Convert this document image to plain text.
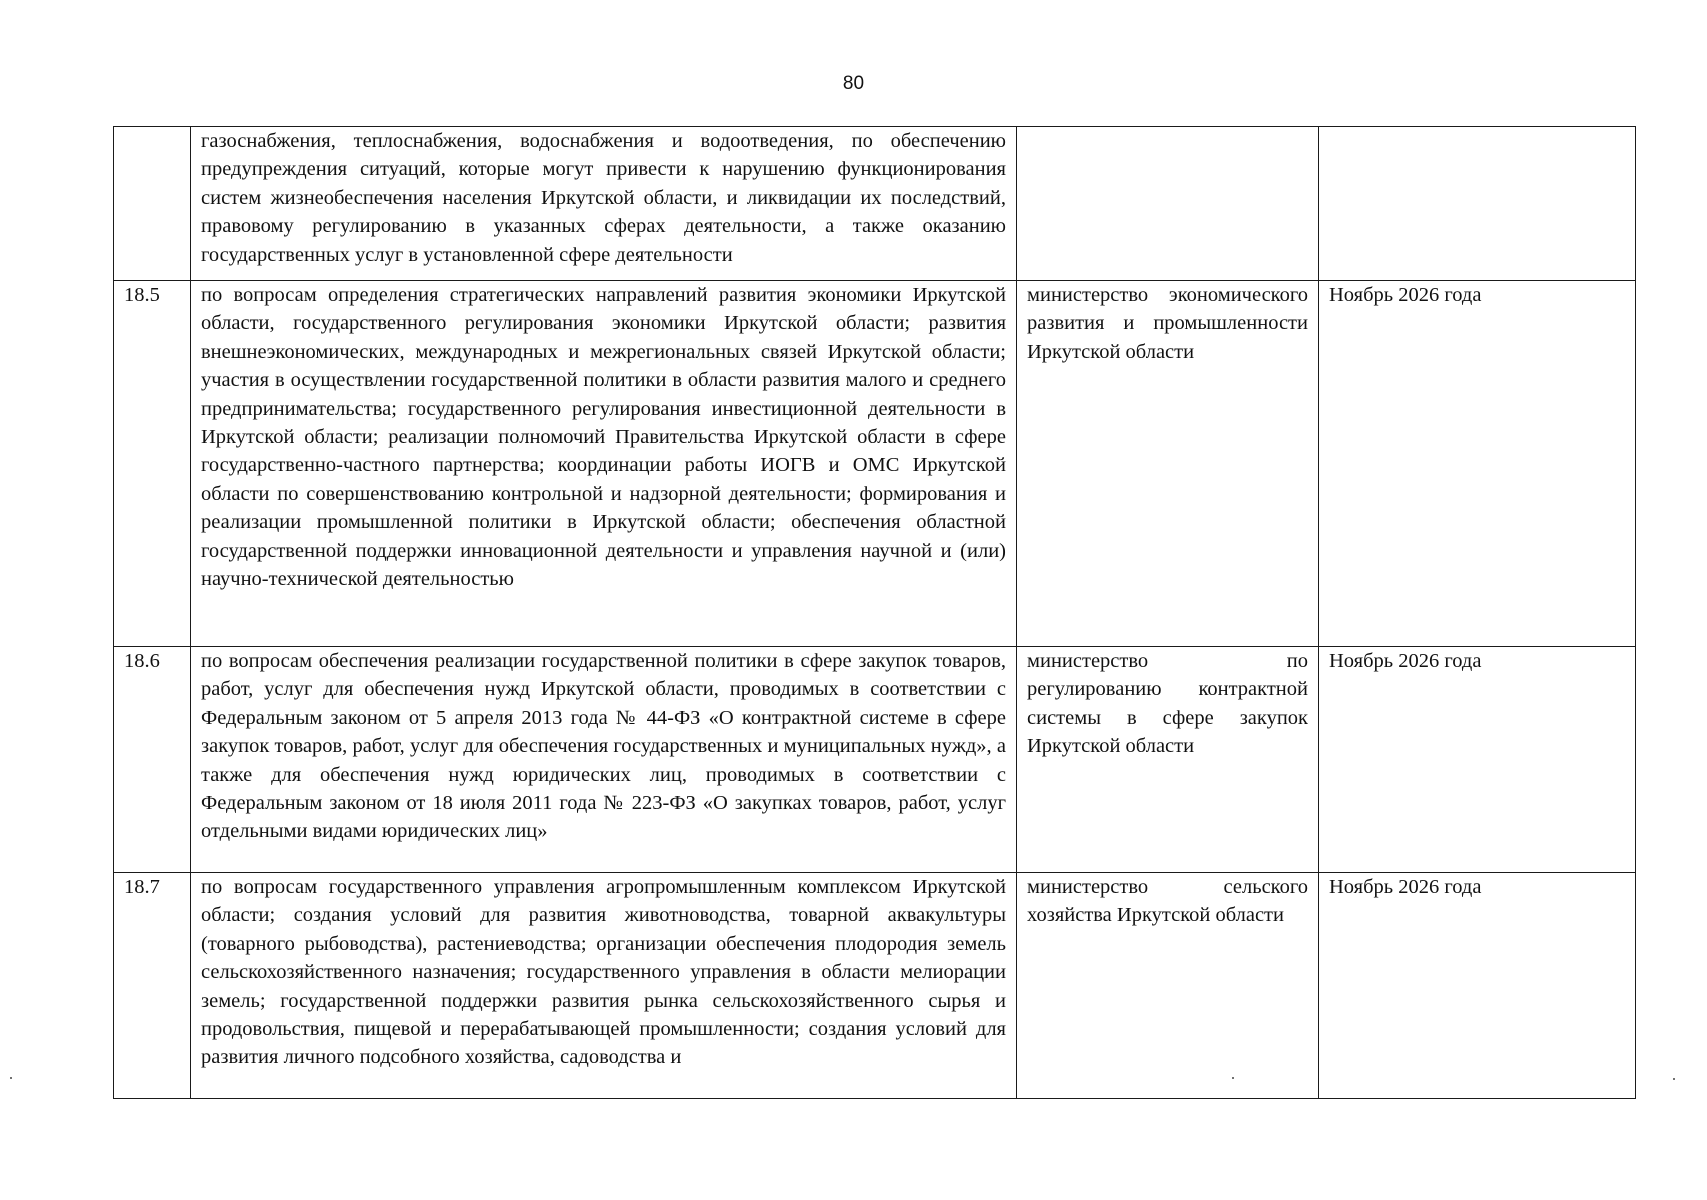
80
	газоснабжения, теплоснабжения, водоснабжения и водоотведения, по обеспечению предупреждения ситуаций, которые могут привести к нарушению функционирования систем жизнеобеспечения населения Иркутской области, и ликвидации их последствий, правовому регулированию в указанных сферах деятельности, а также оказанию государственных услуг в установленной сфере деятельности		
18.5	по вопросам определения стратегических направлений развития экономики Иркутской области, государственного регулирования экономики Иркутской области; развития внешнеэкономических, международных и межрегиональных связей Иркутской области; участия в осуществлении государственной политики в области развития малого и среднего предпринимательства; государственного регулирования инвестиционной деятельности в Иркутской области; реализации полномочий Правительства Иркутской области в сфере государственно-частного партнерства; координации работы ИОГВ и ОМС Иркутской области по совершенствованию контрольной и надзорной деятельности; формирования и реализации промышленной политики в Иркутской области; обеспечения областной государственной поддержки инновационной деятельности и управления научной и (или) научно-технической деятельностью	министерство экономического развития и промышленности Иркутской области	Ноябрь 2026 года
18.6	по вопросам обеспечения реализации государственной политики в сфере закупок товаров, работ, услуг для обеспечения нужд Иркутской области, проводимых в соответствии с Федеральным законом от 5 апреля 2013 года № 44-ФЗ «О контрактной системе в сфере закупок товаров, работ, услуг для обеспечения государственных и муниципальных нужд», а также для обеспечения нужд юридических лиц, проводимых в соответствии с Федеральным законом от 18 июля 2011 года № 223-ФЗ «О закупках товаров, работ, услуг отдельными видами юридических лиц»	министерство по регулированию контрактной системы в сфере закупок Иркутской области	Ноябрь 2026 года
18.7	по вопросам государственного управления агропромышленным комплексом Иркутской области; создания условий для развития животноводства, товарной аквакультуры (товарного рыбоводства), растениеводства; организации обеспечения плодородия земель сельскохозяйственного назначения; государственного управления в области мелиорации земель; государственной поддержки развития рынка сельскохозяйственного сырья и продовольствия, пищевой и перерабатывающей промышленности; создания условий для развития личного подсобного хозяйства, садоводства и	министерство сельского хозяйства Иркутской области	Ноябрь 2026 года
